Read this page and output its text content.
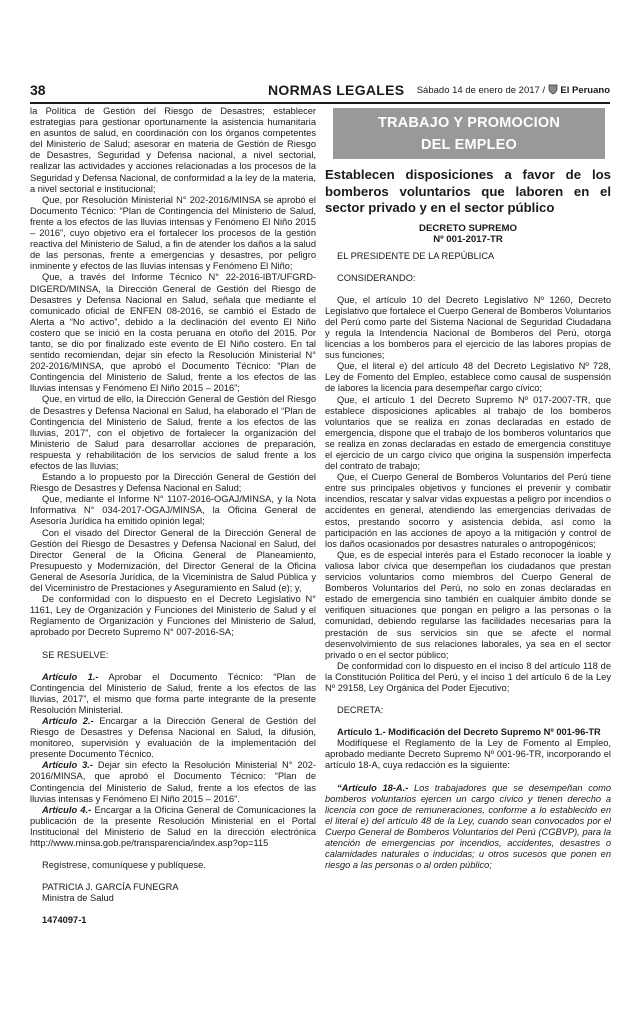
38	NORMAS LEGALES Sábado 14 de enero de 2017 / El Peruano

la Política de Gestión del Riesgo de Desastres; establecer estrategias para gestionar oportunamente la asistencia humanitaria en asuntos de salud, en coordinación con los órganos competentes del Ministerio de Salud; asesorar en materia de Gestión de Riesgo de Desastres, Seguridad y Defensa nacional, a nivel sectorial, realizar las actividades y acciones relacionadas a los procesos de la Seguridad y Defensa Nacional, de conformidad a la ley de la materia, a nivel sectorial e institucional;

Que, por Resolución Ministerial N° 202-2016/MINSA se aprobó el Documento Técnico: “Plan de Contingencia del Ministerio de Salud, frente a los efectos de las lluvias intensas y Fenómeno El Niño 2015 – 2016”, cuyo objetivo era el fortalecer los procesos de la gestión reactiva del Ministerio de Salud, a fin de atender los daños a la salud de las personas, frente a emergencias y desastres, por peligro inminente y efectos de las lluvias intensas y Fenómeno El Niño;

Que, a través del Informe Técnico N° 22-2016-IBT/UFGRD-DIGERD/MINSA, la Dirección General de Gestión del Riesgo de Desastres y Defensa Nacional en Salud, señala que mediante el comunicado oficial de ENFEN 08-2016, se cambió el Estado de Alerta a “No activo”, debido a la declinación del evento El Niño costero que se inició en la costa peruana en otoño del 2015. Por tanto, se dio por finalizado este evento de El Niño costero. En tal sentido recomiendan, dejar sin efecto la Resolución Ministerial N° 202-2016/MINSA, que aprobó el Documento Técnico: “Plan de Contingencia del Ministerio de Salud, frente a los efectos de las lluvias intensas y Fenómeno El Niño 2015 – 2016”;

Que, en virtud de ello, la Dirección General de Gestión del Riesgo de Desastres y Defensa Nacional en Salud, ha elaborado el “Plan de Contingencia del Ministerio de Salud, frente a los efectos de las lluvias, 2017”, con el objetivo de fortalecer la organización del Ministerio de Salud para desarrollar acciones de preparación, respuesta y rehabilitación de los servicios de salud frente a los efectos de las lluvias;

Estando a lo propuesto por la Dirección General de Gestión del Riesgo de Desastres y Defensa Nacional en Salud;

Que, mediante el Informe N° 1107-2016-OGAJ/MINSA, y la Nota Informativa N° 034-2017-OGAJ/MINSA, la Oficina General de Asesoría Jurídica ha emitido opinión legal;

Con el visado del Director General de la Dirección General de Gestión del Riesgo de Desastres y Defensa Nacional en Salud, del Director General de la Oficina General de Planeamiento, Presupuesto y Modernización, del Director General de la Oficina General de Asesoría Jurídica, de la Viceministra de Salud Pública y del Viceministro de Prestaciones y Aseguramiento en Salud (e); y,

De conformidad con lo dispuesto en el Decreto Legislativo N° 1161, Ley de Organización y Funciones del Ministerio de Salud y el Reglamento de Organización y Funciones del Ministerio de Salud, aprobado por Decreto Supremo N° 007-2016-SA;

SE RESUELVE:

Artículo 1.- Aprobar el Documento Técnico: “Plan de Contingencia del Ministerio de Salud, frente a los efectos de las lluvias, 2017”, el mismo que forma parte integrante de la presente Resolución Ministerial.

Artículo 2.- Encargar a la Dirección General de Gestión del Riesgo de Desastres y Defensa Nacional en Salud, la difusión, monitoreo, supervisión y evaluación de la implementación del presente Documento Técnico.

Artículo 3.- Dejar sin efecto la Resolución Ministerial N° 202-2016/MINSA, que aprobó el Documento Técnico: “Plan de Contingencia del Ministerio de Salud, frente a los efectos de las lluvias intensas y Fenómeno El Niño 2015 – 2016”.

Artículo 4.- Encargar a la Oficina General de Comunicaciones la publicación de la presente Resolución Ministerial en el Portal Institucional del Ministerio de Salud en la dirección electrónica http://www.minsa.gob.pe/transparencia/index.asp?op=115

Regístrese, comuníquese y publíquese.

PATRICIA J. GARCÍA FUNEGRA

Ministra de Salud

1474097-1

TRABAJO Y PROMOCION
DEL EMPLEO
Establecen disposiciones a favor de los bomberos voluntarios que laboren en el sector privado y en el sector público

DECRETO SUPREMO

Nº 001-2017-TR

EL PRESIDENTE DE LA REPÚBLICA

CONSIDERANDO:

Que, el artículo 10 del Decreto Legislativo Nº 1260, Decreto Legislativo que fortalece el Cuerpo General de Bomberos Voluntarios del Perú como parte del Sistema Nacional de Seguridad Ciudadana y regula la Intendencia Nacional de Bomberos del Perú, otorga licencias a los bomberos para el ejercicio de las labores propias de sus funciones;

Que, el literal e) del artículo 48 del Decreto Legislativo Nº 728, Ley de Fomento del Empleo, establece como causal de suspensión de labores la licencia para desempeñar cargo cívico;

Que, el artículo 1 del Decreto Supremo Nº 017-2007-TR, que establece disposiciones aplicables al trabajo de los bomberos voluntarios que se realiza en zonas declaradas en estado de emergencia, dispone que el trabajo de los bomberos voluntarios que se realiza en zonas declaradas en estado de emergencia constituye el ejercicio de un cargo cívico que origina la suspensión imperfecta del contrato de trabajo;

Que, el Cuerpo General de Bomberos Voluntarios del Perú tiene entre sus principales objetivos y funciones el prevenir y combatir incendios, rescatar y salvar vidas expuestas a peligro por incendios o accidentes en general, atendiendo las emergencias derivadas de estos, prestando socorro y asistencia debida, así como la participación en las acciones de apoyo a la mitigación y control de los daños ocasionados por desastres naturales o antropogénicos;

Que, es de especial interés para el Estado reconocer la loable y valiosa labor cívica que desempeñan los ciudadanos que prestan servicios voluntarios como miembros del Cuerpo General de Bomberos Voluntarios del Perú, no solo en zonas declaradas en estado de emergencia sino también en cualquier ámbito donde se verifiquen situaciones que pongan en peligro a las personas o la comunidad, debiendo regularse las facilidades necesarias para la prestación de sus servicios sin que se afecte el normal desenvolvimiento de sus relaciones laborales, ya sea en el sector privado o en el sector público;

De conformidad con lo dispuesto en el inciso 8 del artículo 118 de la Constitución Política del Perú, y el inciso 1 del artículo 6 de la Ley Nº 29158, Ley Orgánica del Poder Ejecutivo;

DECRETA:

Artículo 1.- Modificación del Decreto Supremo Nº 001-96-TR

Modifíquese el Reglamento de la Ley de Fomento al Empleo, aprobado mediante Decreto Supremo Nº 001-96-TR, incorporando el artículo 18-A, cuya redacción es la siguiente:

“Artículo 18-A.- Los trabajadores que se desempeñan como bomberos voluntarios ejercen un cargo cívico y tienen derecho a licencia con goce de remuneraciones, conforme a lo establecido en el literal e) del artículo 48 de la Ley, cuando sean convocados por el Cuerpo General de Bomberos Voluntarios del Perú (CGBVP), para la atención de emergencias por incendios, accidentes, desastres o calamidades naturales o inducidas; u otros sucesos que ponen en riesgo a las personas o al orden público;
